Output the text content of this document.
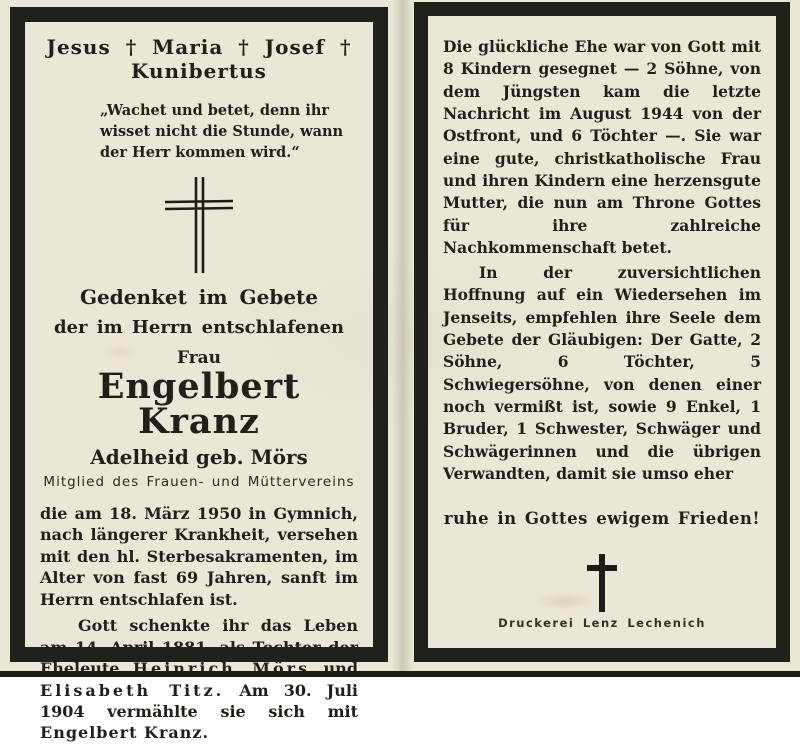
Jesus † Maria † Josef † Kunibertus
„Wachet und betet, denn ihr wisset nicht die Stunde, wann der Herr kommen wird.“
Gedenket im Gebete
der im Herrn entschlafenen
Frau
Engelbert Kranz
Adelheid geb. Mörs
Mitglied des Frauen- und Müttervereins

die am 18. März 1950 in Gymnich, nach längerer Krankheit, versehen mit den hl. Sterbesakramenten, im Alter von fast 69 Jahren, sanft im Herrn entschlafen ist.

Gott schenkte ihr das Leben am 14. April 1881, als Tochter der Eheleute Heinrich Mörs und Elisabeth Titz. Am 30. Juli 1904 vermählte sie sich mit Engelbert Kranz.

Die glückliche Ehe war von Gott mit 8 Kindern gesegnet — 2 Söhne, von dem Jüngsten kam die letzte Nachricht im August 1944 von der Ostfront, und 6 Töchter —. Sie war eine gute, christkatholische Frau und ihren Kindern eine herzensgute Mutter, die nun am Throne Gottes für ihre zahlreiche Nachkommenschaft betet.

In der zuversichtlichen Hoffnung auf ein Wiedersehen im Jenseits, empfehlen ihre Seele dem Gebete der Gläubigen: Der Gatte, 2 Söhne, 6 Töchter, 5 Schwiegersöhne, von denen einer noch vermißt ist, sowie 9 Enkel, 1 Bruder, 1 Schwester, Schwäger und Schwägerinnen und die übrigen Verwandten, damit sie umso eher

ruhe in Gottes ewigem Frieden!
Druckerei Lenz Lechenich
